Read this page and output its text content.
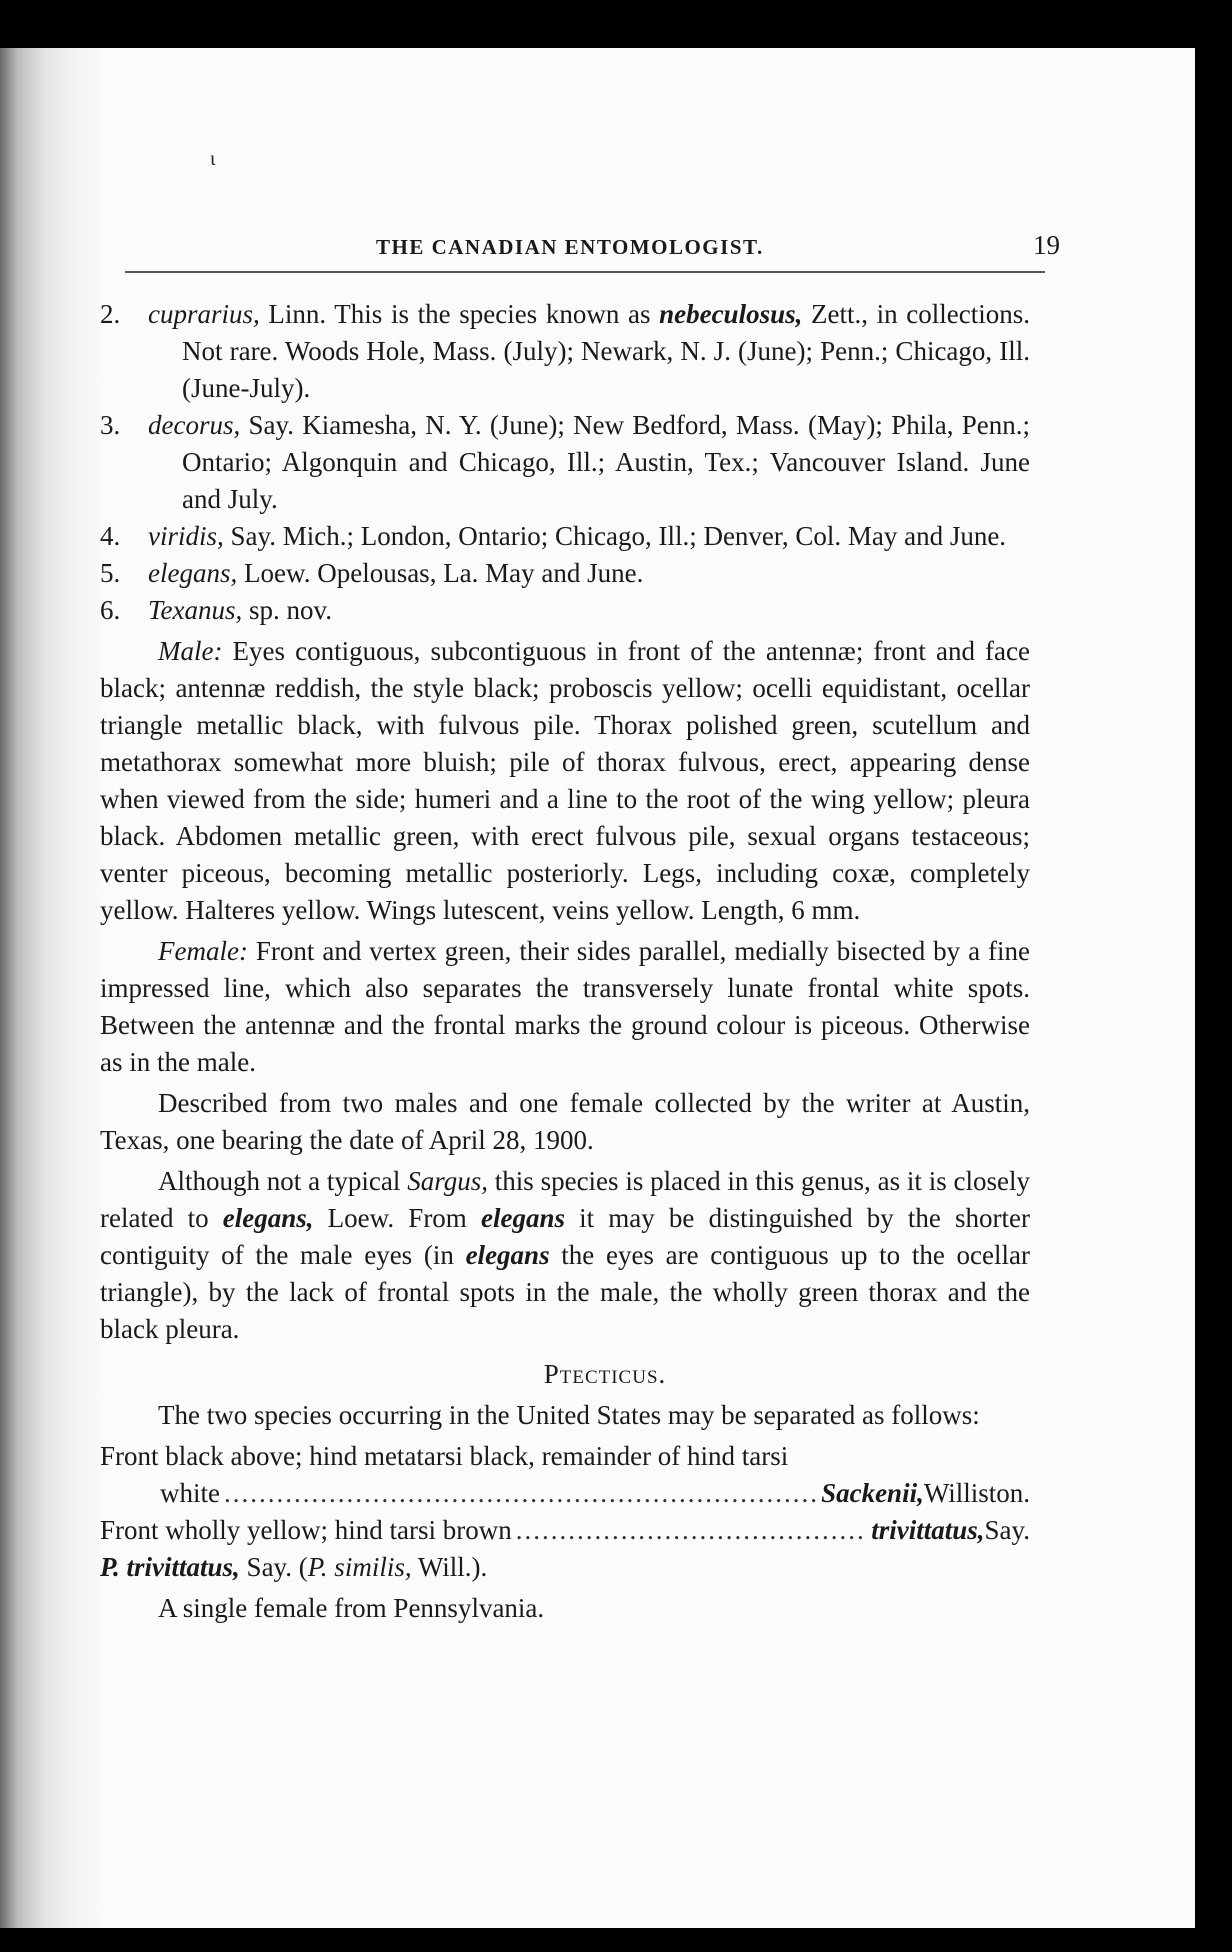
ι
THE CANADIAN ENTOMOLOGIST.	19

2. cuprarius, Linn. This is the species known as nebeculosus, Zett., in collections. Not rare. Woods Hole, Mass. (July); Newark, N. J. (June); Penn.; Chicago, Ill. (June-July).

3. decorus, Say. Kiamesha, N. Y. (June); New Bedford, Mass. (May); Phila, Penn.; Ontario; Algonquin and Chicago, Ill.; Austin, Tex.; Vancouver Island. June and July.

4. viridis, Say. Mich.; London, Ontario; Chicago, Ill.; Denver, Col. May and June.

5. elegans, Loew. Opelousas, La. May and June.

6. Texanus, sp. nov.

Male: Eyes contiguous, subcontiguous in front of the antennæ; front and face black; antennæ reddish, the style black; proboscis yellow; ocelli equidistant, ocellar triangle metallic black, with fulvous pile. Thorax polished green, scutellum and metathorax somewhat more bluish; pile of thorax fulvous, erect, appearing dense when viewed from the side; humeri and a line to the root of the wing yellow; pleura black. Abdomen metallic green, with erect fulvous pile, sexual organs testaceous; venter piceous, becoming metallic posteriorly. Legs, including coxæ, completely yellow. Halteres yellow. Wings lutescent, veins yellow. Length, 6 mm.

Female: Front and vertex green, their sides parallel, medially bisected by a fine impressed line, which also separates the transversely lunate frontal white spots. Between the antennæ and the frontal marks the ground colour is piceous. Otherwise as in the male.

Described from two males and one female collected by the writer at Austin, Texas, one bearing the date of April 28, 1900.

Although not a typical Sargus, this species is placed in this genus, as it is closely related to elegans, Loew. From elegans it may be distinguished by the shorter contiguity of the male eyes (in elegans the eyes are contiguous up to the ocellar triangle), by the lack of frontal spots in the male, the wholly green thorax and the black pleura.

Ptecticus.

The two species occurring in the United States may be separated as follows:

Front black above; hind metatarsi black, remainder of hind tarsi
white .....	Sackenii, Williston.
Front wholly yellow; hind tarsi brown .....	trivittatus, Say.

P. trivittatus, Say. (P. similis, Will.).

A single female from Pennsylvania.
